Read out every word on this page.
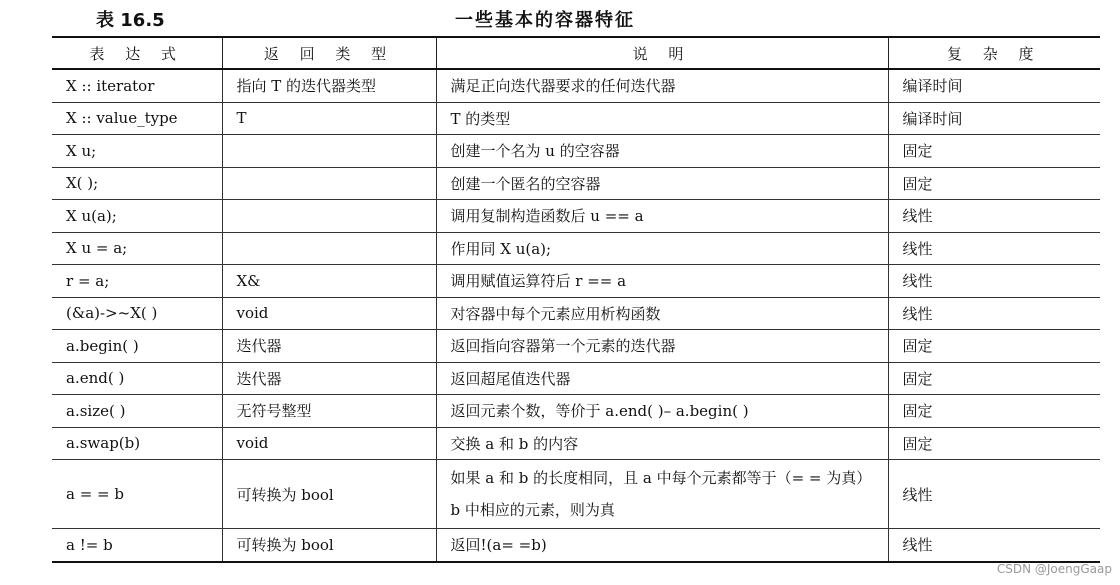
表 16.5	一些基本的容器特征
表 达 式	返 回 类 型	说 明	复 杂 度
X :: iterator	指向 T 的迭代器类型	满足正向迭代器要求的任何迭代器	编译时间
X :: value_type	T	T 的类型	编译时间
X u;		创建一个名为 u 的空容器	固定
X( );		创建一个匿名的空容器	固定
X u(a);		调用复制构造函数后 u == a	线性
X u = a;		作用同 X u(a);	线性
r = a;	X&	调用赋值运算符后 r == a	线性
(&a)->~X( )	void	对容器中每个元素应用析构函数	线性
a.begin( )	迭代器	返回指向容器第一个元素的迭代器	固定
a.end( )	迭代器	返回超尾值迭代器	固定
a.size( )	无符号整型	返回元素个数，等价于 a.end( )– a.begin( )	固定
a.swap(b)	void	交换 a 和 b 的内容	固定
a = = b	可转换为 bool	如果 a 和 b 的长度相同，且 a 中每个元素都等于（= = 为真）b 中相应的元素，则为真	线性
a != b	可转换为 bool	返回!(a= =b)	线性
CSDN @JoengGaap
